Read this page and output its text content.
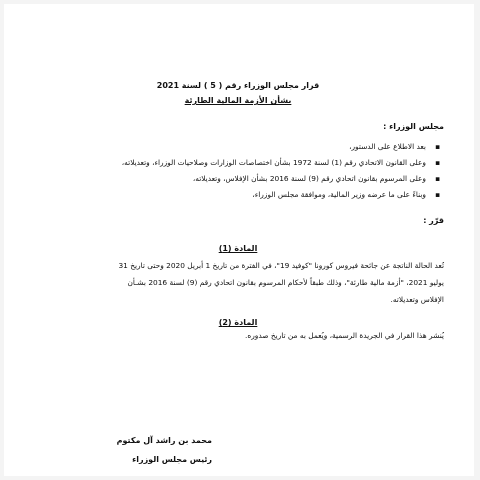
قرار مجلس الوزراء رقم ( 5 ) لسنة 2021
بشأن الأزمة المالية الطارئة
مجلس الوزراء :
▪
بعد الاطلاع على الدستور،
▪
وعلى القانون الاتحادي رقم (1) لسنة 1972 بشأن اختصاصات الوزارات وصلاحيات الوزراء، وتعديلاته،
▪
وعلى المرسوم بقانون اتحادي رقم (9) لسنة 2016 بشأن الإفلاس، وتعديلاته،
▪
وبناءً على ما عرضه وزير المالية، وموافقة مجلس الوزراء،
قرّر :
المادة (1)
تُعد الحالة الناتجة عن جائحة فيروس كورونا "كوفيد 19"، في الفترة من تاريخ 1 أبريل 2020 وحتى تاريخ 31
يوليو 2021، "أزمة مالية طارئة"، وذلك طبقاً لأحكام المرسوم بقانون اتحادي رقم (9) لسنة 2016 بشـأن
الإفلاس وتعديلاته.
المادة (2)
يُنشر هذا القرار في الجريدة الرسمية، ويُعمل به من تاريخ صدوره.
محمد بن راشد آل مكتوم
رئيس مجلس الوزراء
